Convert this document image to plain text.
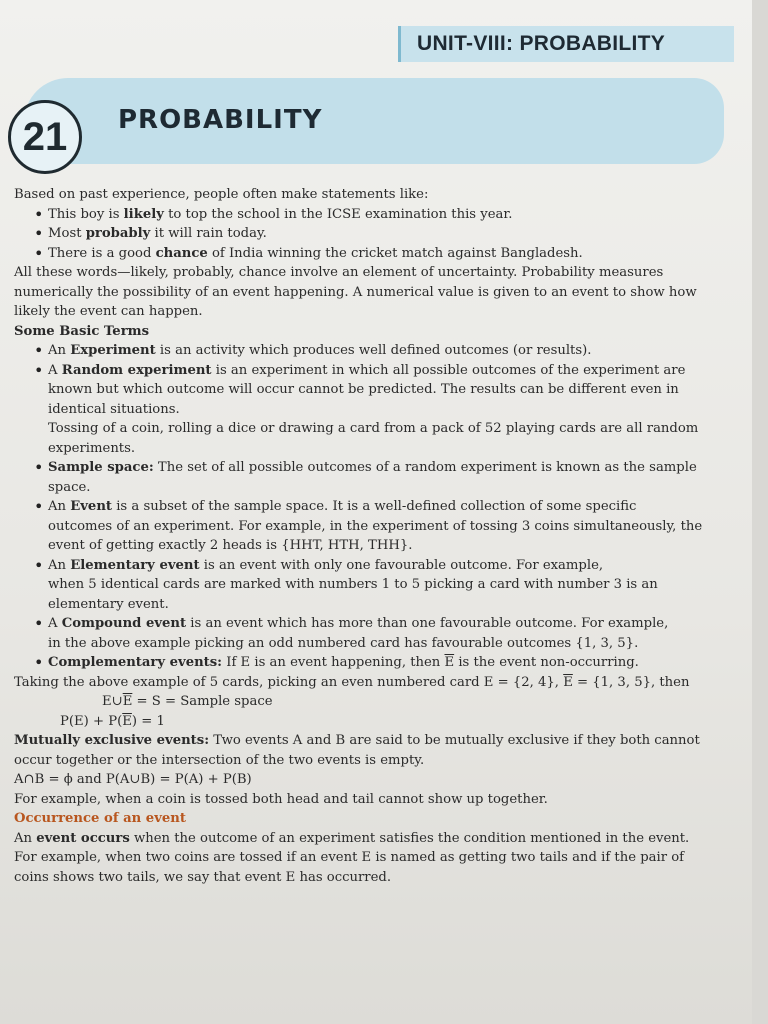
UNIT-VIII: PROBABILITY
21	PROBABILITY

Based on past experience, people often make statements like:

• This boy is likely to top the school in the ICSE examination this year.
• Most probably it will rain today.
• There is a good chance of India winning the cricket match against Bangladesh.

All these words—likely, probably, chance involve an element of uncertainty. Probability measures numerically the possibility of an event happening. A numerical value is given to an event to show how likely the event can happen.

Some Basic Terms

• An Experiment is an activity which produces well defined outcomes (or results).
• A Random experiment is an experiment in which all possible outcomes of the experiment are known but which outcome will occur cannot be predicted. The results can be different even in identical situations.
Tossing of a coin, rolling a dice or drawing a card from a pack of 52 playing cards are all random experiments.
• Sample space: The set of all possible outcomes of a random experiment is known as the sample space.
• An Event is a subset of the sample space. It is a well-defined collection of some specific outcomes of an experiment. For example, in the experiment of tossing 3 coins simultaneously, the event of getting exactly 2 heads is {HHT, HTH, THH}.
• An Elementary event is an event with only one favourable outcome. For example,
when 5 identical cards are marked with numbers 1 to 5 picking a card with number 3 is an elementary event.
• A Compound event is an event which has more than one favourable outcome. For example,
in the above example picking an odd numbered card has favourable outcomes {1, 3, 5}.
• Complementary events: If E is an event happening, then $\overline{E}$ is the event non-occurring.

Taking the above example of 5 cards, picking an even numbered card E = {2, 4}, $\overline{E} = \{1$, 3, 5}, then

$E\cup\overline{E} = S$ = Sample space

$P(E) + P(\overline{E}) = 1$

Mutually exclusive events: Two events A and B are said to be mutually exclusive if they both cannot occur together or the intersection of the two events is empty.

A∩B = ϕ and P(A∪B) = P(A) + P(B)

For example, when a coin is tossed both head and tail cannot show up together.

Occurrence of an event

An event occurs when the outcome of an experiment satisfies the condition mentioned in the event. For example, when two coins are tossed if an event E is named as getting two tails and if the pair of coins shows two tails, we say that event E has occurred.
